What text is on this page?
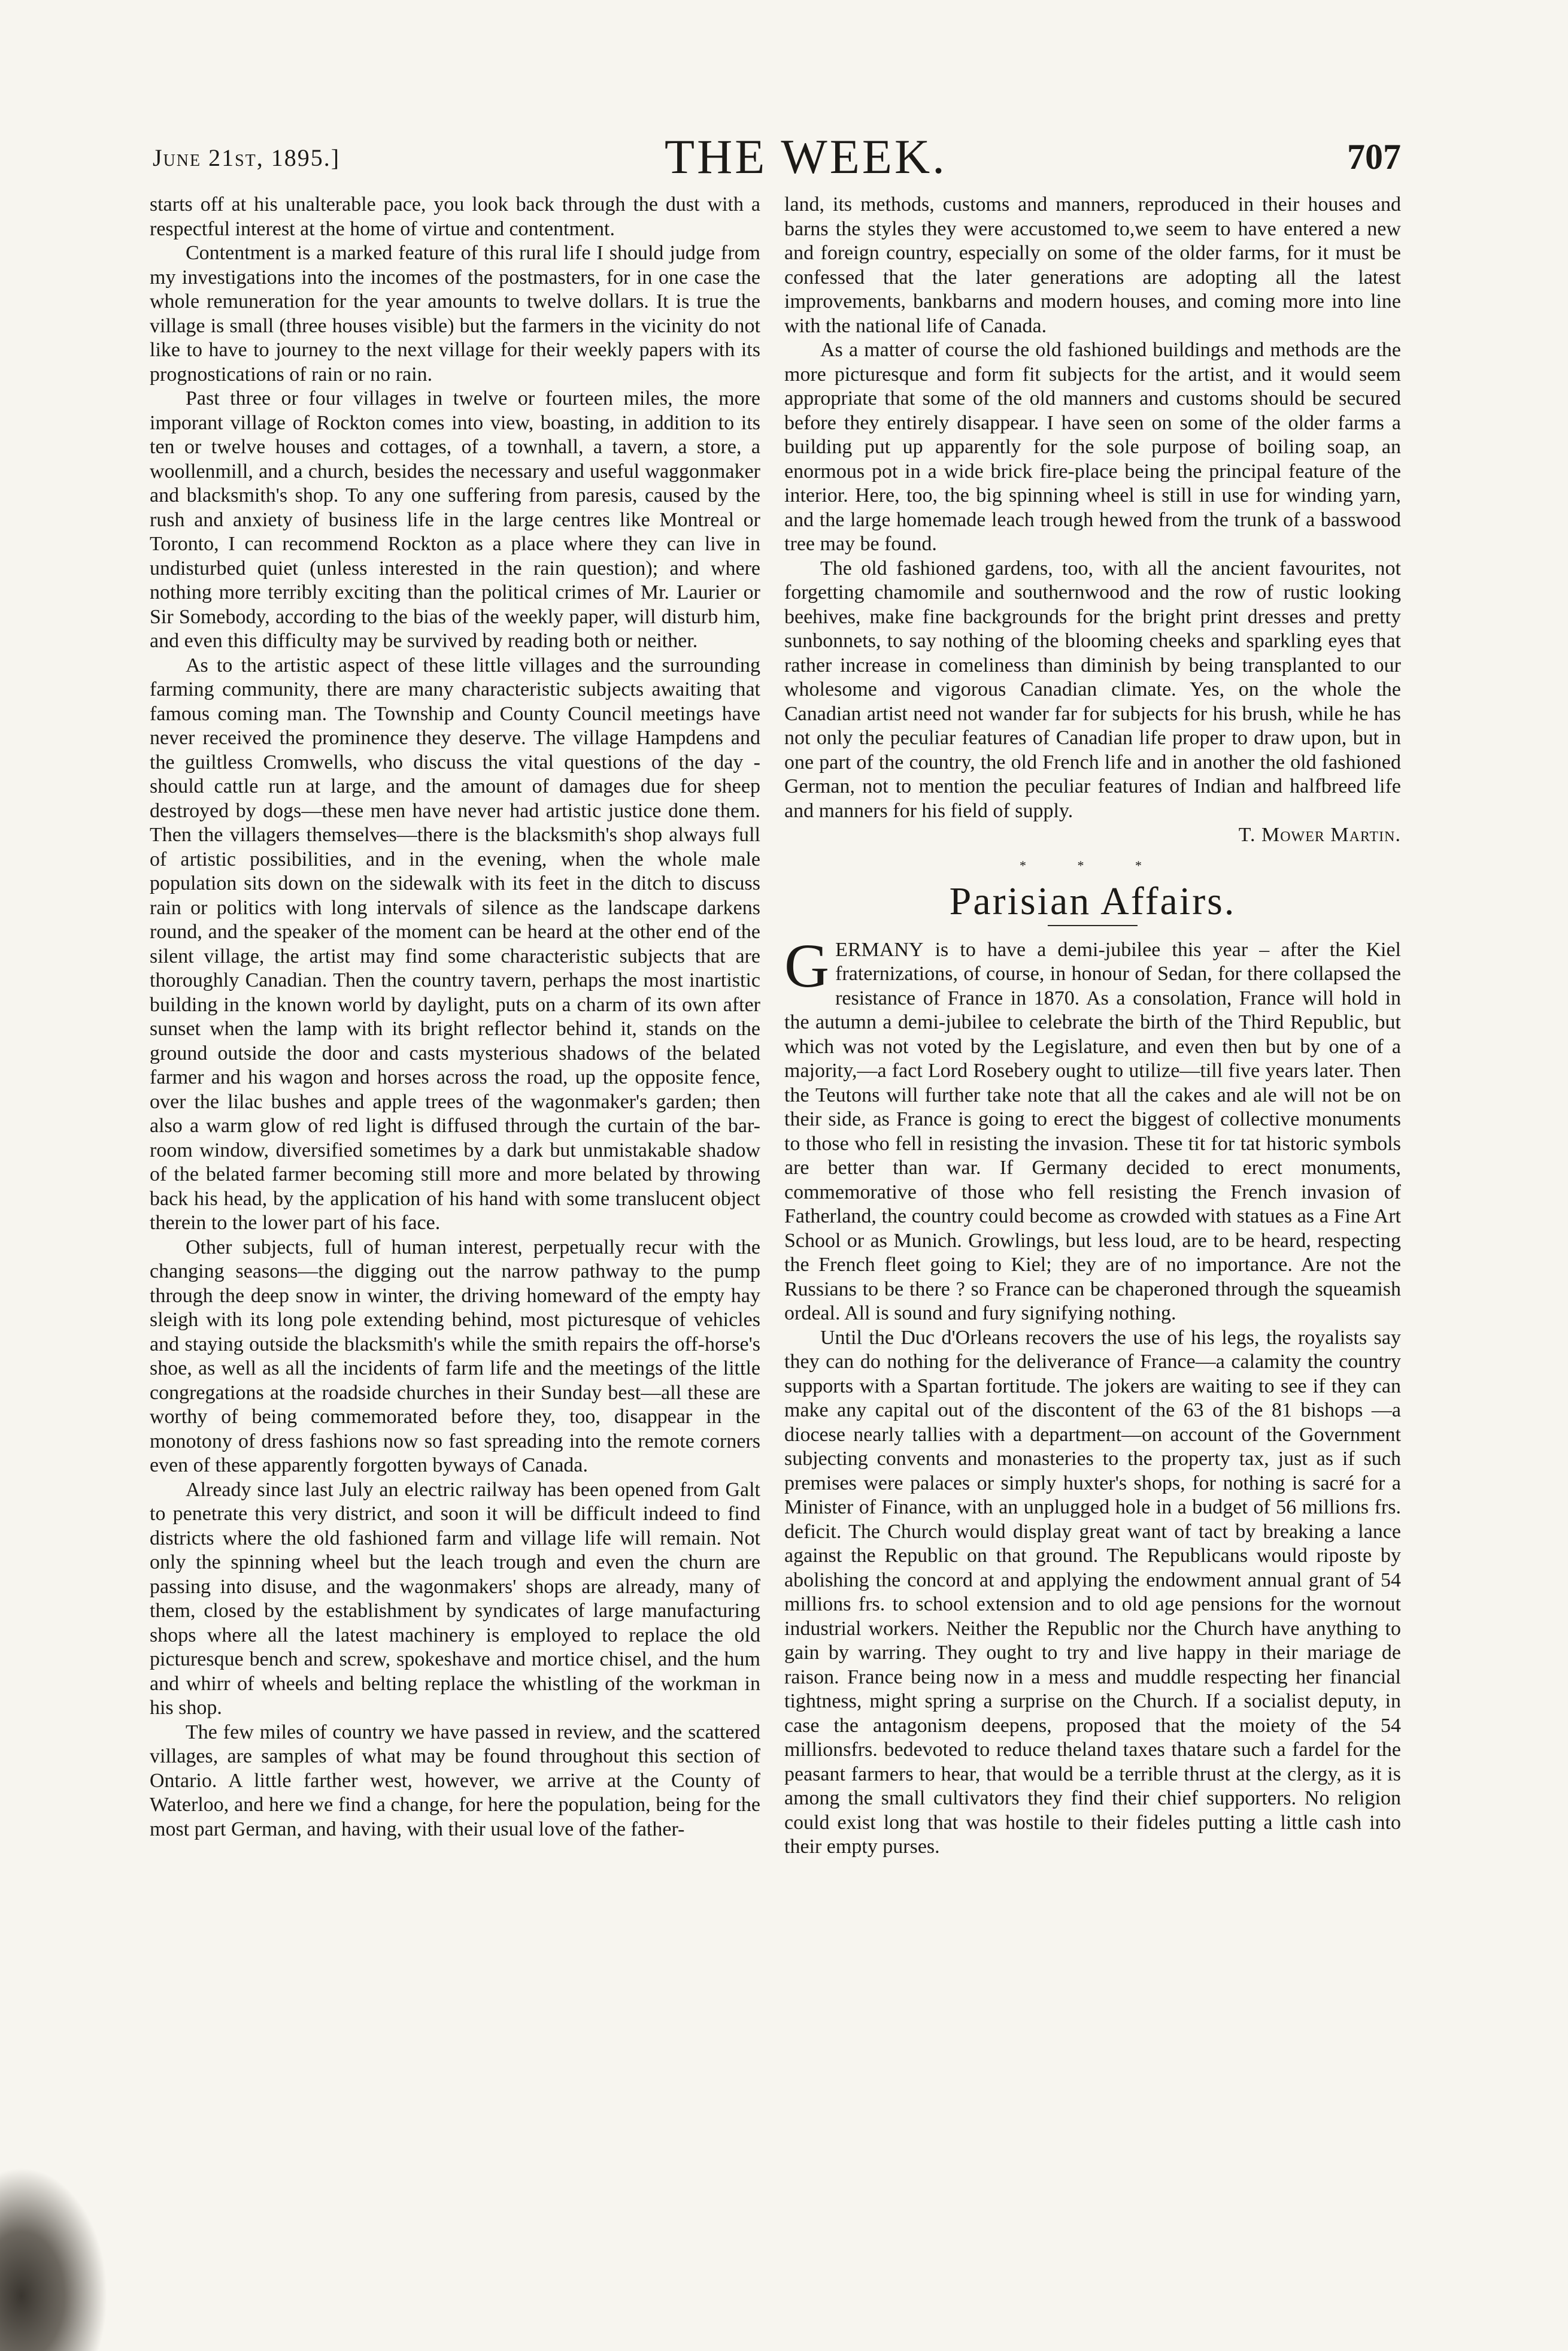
June 21st, 1895.]	THE WEEK.	707

starts off at his unalterable pace, you look back through the dust with a respectful interest at the home of virtue and contentment.

Contentment is a marked feature of this rural life I should judge from my investigations into the incomes of the postmasters, for in one case the whole remuneration for the year amounts to twelve dollars. It is true the village is small (three houses visible) but the farmers in the vicinity do not like to have to journey to the next village for their weekly papers with its prognostications of rain or no rain.

Past three or four villages in twelve or fourteen miles, the more imporant village of Rockton comes into view, boasting, in addition to its ten or twelve houses and cottages, of a townhall, a tavern, a store, a woollenmill, and a church, besides the necessary and useful waggonmaker and blacksmith's shop. To any one suffering from paresis, caused by the rush and anxiety of business life in the large centres like Montreal or Toronto, I can recommend Rockton as a place where they can live in undisturbed quiet (unless interested in the rain question); and where nothing more terribly exciting than the political crimes of Mr. Laurier or Sir Somebody, according to the bias of the weekly paper, will disturb him, and even this difficulty may be survived by reading both or neither.

As to the artistic aspect of these little villages and the surrounding farming community, there are many characteristic subjects awaiting that famous coming man. The Township and County Council meetings have never received the prominence they deserve. The village Hampdens and the guiltless Cromwells, who discuss the vital questions of the day - should cattle run at large, and the amount of damages due for sheep destroyed by dogs—these men have never had artistic justice done them. Then the villagers themselves—there is the blacksmith's shop always full of artistic possibilities, and in the evening, when the whole male population sits down on the sidewalk with its feet in the ditch to discuss rain or politics with long intervals of silence as the landscape darkens round, and the speaker of the moment can be heard at the other end of the silent village, the artist may find some characteristic subjects that are thoroughly Canadian. Then the country tavern, perhaps the most inartistic building in the known world by daylight, puts on a charm of its own after sunset when the lamp with its bright reflector behind it, stands on the ground outside the door and casts mysterious shadows of the belated farmer and his wagon and horses across the road, up the opposite fence, over the lilac bushes and apple trees of the wagonmaker's garden; then also a warm glow of red light is diffused through the curtain of the bar-room window, diversified sometimes by a dark but unmistakable shadow of the belated farmer becoming still more and more belated by throwing back his head, by the application of his hand with some translucent object therein to the lower part of his face.

Other subjects, full of human interest, perpetually recur with the changing seasons—the digging out the narrow pathway to the pump through the deep snow in winter, the driving homeward of the empty hay sleigh with its long pole extending behind, most picturesque of vehicles and staying outside the blacksmith's while the smith repairs the off-horse's shoe, as well as all the incidents of farm life and the meetings of the little congregations at the roadside churches in their Sunday best—all these are worthy of being commemorated before they, too, disappear in the monotony of dress fashions now so fast spreading into the remote corners even of these apparently forgotten byways of Canada.

Already since last July an electric railway has been opened from Galt to penetrate this very district, and soon it will be difficult indeed to find districts where the old fashioned farm and village life will remain. Not only the spinning wheel but the leach trough and even the churn are passing into disuse, and the wagonmakers' shops are already, many of them, closed by the establishment by syndicates of large manufacturing shops where all the latest machinery is employed to replace the old picturesque bench and screw, spokeshave and mortice chisel, and the hum and whirr of wheels and belting replace the whistling of the workman in his shop.

The few miles of country we have passed in review, and the scattered villages, are samples of what may be found throughout this section of Ontario. A little farther west, however, we arrive at the County of Waterloo, and here we find a change, for here the population, being for the most part German, and having, with their usual love of the father-

land, its methods, customs and manners, reproduced in their houses and barns the styles they were accustomed to,we seem to have entered a new and foreign country, especially on some of the older farms, for it must be confessed that the later generations are adopting all the latest improvements, bankbarns and modern houses, and coming more into line with the national life of Canada.

As a matter of course the old fashioned buildings and methods are the more picturesque and form fit subjects for the artist, and it would seem appropriate that some of the old manners and customs should be secured before they entirely disappear. I have seen on some of the older farms a building put up apparently for the sole purpose of boiling soap, an enormous pot in a wide brick fire-place being the principal feature of the interior. Here, too, the big spinning wheel is still in use for winding yarn, and the large homemade leach trough hewed from the trunk of a basswood tree may be found.

The old fashioned gardens, too, with all the ancient favourites, not forgetting chamomile and southernwood and the row of rustic looking beehives, make fine backgrounds for the bright print dresses and pretty sunbonnets, to say nothing of the blooming cheeks and sparkling eyes that rather increase in comeliness than diminish by being transplanted to our wholesome and vigorous Canadian climate. Yes, on the whole the Canadian artist need not wander far for subjects for his brush, while he has not only the peculiar features of Canadian life proper to draw upon, but in one part of the country, the old French life and in another the old fashioned German, not to mention the peculiar features of Indian and halfbreed life and manners for his field of supply.

T. Mower Martin.
* * *
Parisian Affairs.

GERMANY is to have a demi-jubilee this year – after the Kiel fraternizations, of course, in honour of Sedan, for there collapsed the resistance of France in 1870. As a consolation, France will hold in the autumn a demi-jubilee to celebrate the birth of the Third Republic, but which was not voted by the Legislature, and even then but by one of a majority,—a fact Lord Rosebery ought to utilize—till five years later. Then the Teutons will further take note that all the cakes and ale will not be on their side, as France is going to erect the biggest of collective monuments to those who fell in resisting the invasion. These tit for tat historic symbols are better than war. If Germany decided to erect monuments, commemorative of those who fell resisting the French invasion of Fatherland, the country could become as crowded with statues as a Fine Art School or as Munich. Growlings, but less loud, are to be heard, respecting the French fleet going to Kiel; they are of no importance. Are not the Russians to be there ? so France can be chaperoned through the squeamish ordeal. All is sound and fury signifying nothing.

Until the Duc d'Orleans recovers the use of his legs, the royalists say they can do nothing for the deliverance of France—a calamity the country supports with a Spartan fortitude. The jokers are waiting to see if they can make any capital out of the discontent of the 63 of the 81 bishops —a diocese nearly tallies with a department—on account of the Government subjecting convents and monasteries to the property tax, just as if such premises were palaces or simply huxter's shops, for nothing is sacré for a Minister of Finance, with an unplugged hole in a budget of 56 millions frs. deficit. The Church would display great want of tact by breaking a lance against the Republic on that ground. The Republicans would riposte by abolishing the concord at and applying the endowment annual grant of 54 millions frs. to school extension and to old age pensions for the wornout industrial workers. Neither the Republic nor the Church have anything to gain by warring. They ought to try and live happy in their mariage de raison. France being now in a mess and muddle respecting her financial tightness, might spring a surprise on the Church. If a socialist deputy, in case the antagonism deepens, proposed that the moiety of the 54 millionsfrs. bedevoted to reduce theland taxes thatare such a fardel for the peasant farmers to hear, that would be a terrible thrust at the clergy, as it is among the small cultivators they find their chief supporters. No religion could exist long that was hostile to their fideles putting a little cash into their empty purses.
